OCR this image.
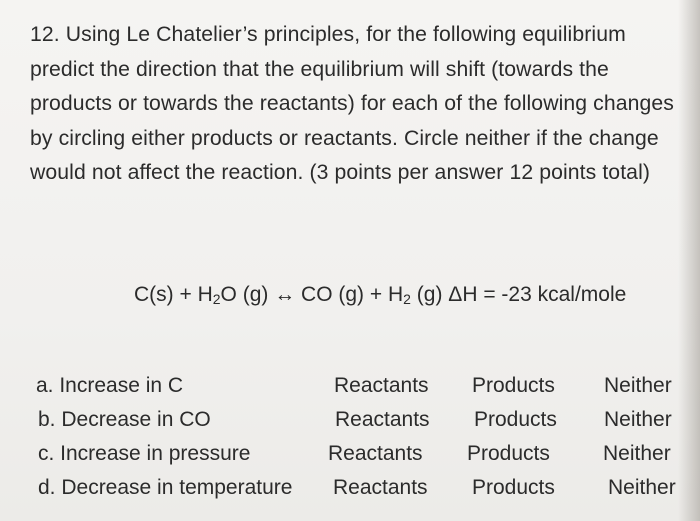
12. Using Le Chatelier’s principles, for the following equilibrium predict the direction that the equilibrium will shift (towards the products or towards the reactants) for each of the following changes by circling either products or reactants. Circle neither if the change would not affect the reaction. (3 points per answer 12 points total)

$C(s) + H_2O$ (g) ↔ CO $(g) + H_2$ (g) ΔH = -23 kcal/mole
a. Increase in C	Reactants Products Neither
b. Decrease in CO	Reactants Products Neither
c. Increase in pressure	Reactants Products	Neither
d. Decrease in temperature Reactants Products	Neither
